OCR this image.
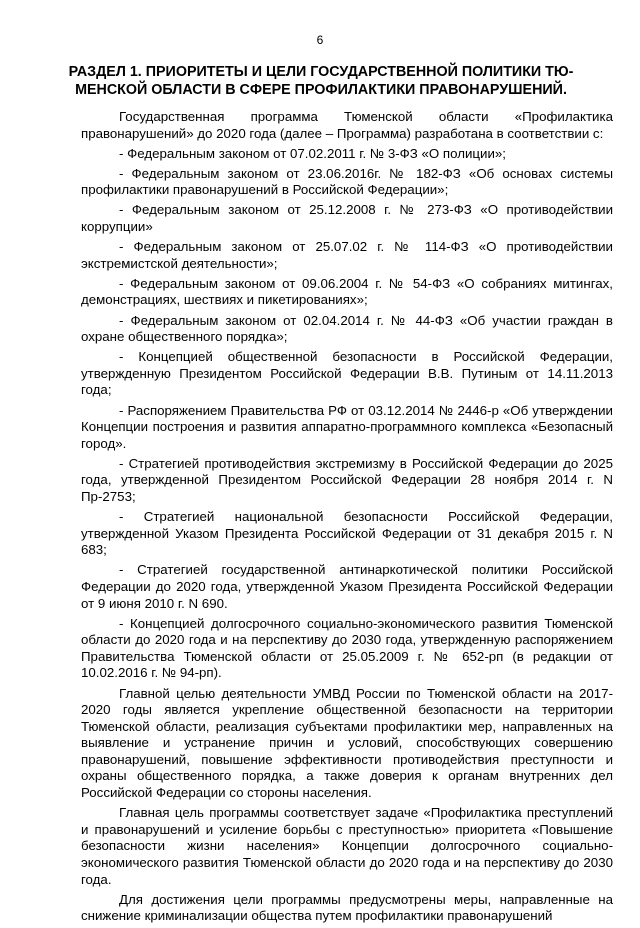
6
РАЗДЕЛ 1. ПРИОРИТЕТЫ И ЦЕЛИ ГОСУДАРСТВЕННОЙ ПОЛИТИКИ ТЮ-
МЕНСКОЙ ОБЛАСТИ В СФЕРЕ ПРОФИЛАКТИКИ ПРАВОНАРУШЕНИЙ.

Государственная программа Тюменской области «Профилактика правонарушений» до 2020 года (далее – Программа) разработана в соответствии с:

- Федеральным законом от 07.02.2011 г. № 3-ФЗ «О полиции»;

- Федеральным законом от 23.06.2016г. № 182-ФЗ «Об основах системы профилактики правонарушений в Российской Федерации»;

- Федеральным законом от 25.12.2008 г. № 273-ФЗ «О противодействии коррупции»

- Федеральным законом от 25.07.02 г. № 114-ФЗ «О противодействии экстремистской деятельности»;

- Федеральным законом от 09.06.2004 г. № 54-ФЗ «О собраниях митингах, демонстрациях, шествиях и пикетированиях»;

- Федеральным законом от 02.04.2014 г. № 44-ФЗ «Об участии граждан в охране общественного порядка»;

- Концепцией общественной безопасности в Российской Федерации, утвержденную Президентом Российской Федерации В.В. Путиным от 14.11.2013 года;

- Распоряжением Правительства РФ от 03.12.2014 № 2446-р «Об утверждении Концепции построения и развития аппаратно-программного комплекса «Безопасный город».

- Стратегией противодействия экстремизму в Российской Федерации до 2025 года, утвержденной Президентом Российской Федерации 28 ноября 2014 г. N Пр-2753;

- Стратегией национальной безопасности Российской Федерации, утвержденной Указом Президента Российской Федерации от 31 декабря 2015 г. N 683;

- Стратегией государственной антинаркотической политики Российской Федерации до 2020 года, утвержденной Указом Президента Российской Федерации от 9 июня 2010 г. N 690.

- Концепцией долгосрочного социально-экономического развития Тюменской области до 2020 года и на перспективу до 2030 года, утвержденную распоряжением Правительства Тюменской области от 25.05.2009 г. № 652-рп (в редакции от 10.02.2016 г. № 94-рп).

Главной целью деятельности УМВД России по Тюменской области на 2017-2020 годы является укрепление общественной безопасности на территории Тюменской области, реализация субъектами профилактики мер, направленных на выявление и устранение причин и условий, способствующих совершению правонарушений, повышение эффективности противодействия преступности и охраны общественного порядка, а также доверия к органам внутренних дел Российской Федерации со стороны населения.

Главная цель программы соответствует задаче «Профилактика преступлений и правонарушений и усиление борьбы с преступностью» приоритета «Повышение безопасности жизни населения» Концепции долгосрочного социально-экономического развития Тюменской области до 2020 года и на перспективу до 2030 года.

Для достижения цели программы предусмотрены меры, направленные на снижение криминализации общества путем профилактики правонарушений
